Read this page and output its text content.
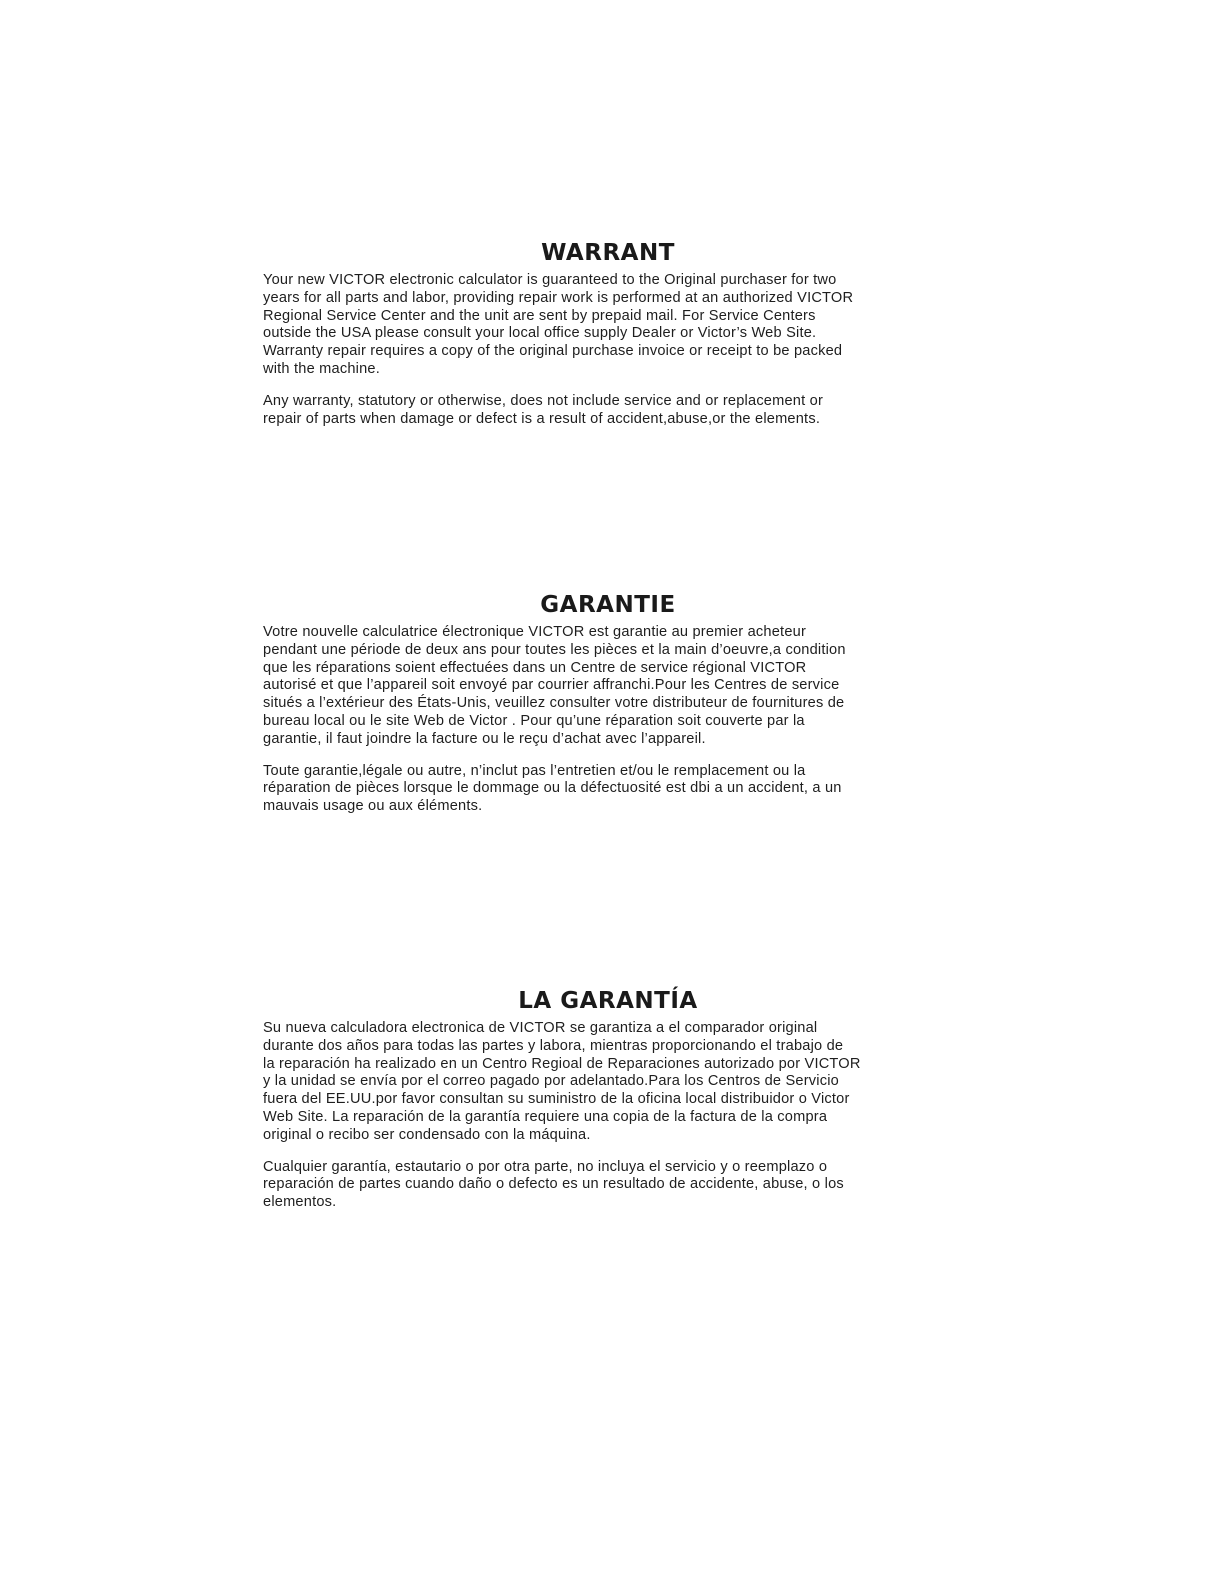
WARRANT

Your new VICTOR electronic calculator is guaranteed to the Original purchaser for two
years for all parts and labor, providing repair work is performed at an authorized VICTOR
Regional Service Center and the unit are sent by prepaid mail. For Service Centers
outside the USA please consult your local office supply Dealer or Victor’s Web Site.
Warranty repair requires a copy of the original purchase invoice or receipt to be packed
with the machine.

Any warranty, statutory or otherwise, does not include service and or replacement or
repair of parts when damage or defect is a result of accident,abuse,or the elements.

GARANTIE

Votre nouvelle calculatrice électronique VICTOR est garantie au premier acheteur
pendant une période de deux ans pour toutes les pièces et la main d’oeuvre,a condition
que les réparations soient effectuées dans un Centre de service régional VICTOR
autorisé et que l’appareil soit envoyé par courrier affranchi.Pour les Centres de service
situés a l’extérieur des États-Unis, veuillez consulter votre distributeur de fournitures de
bureau local ou le site Web de Victor . Pour qu’une réparation soit couverte par la
garantie, il faut joindre la facture ou le reçu d’achat avec l’appareil.

Toute garantie,légale ou autre, n’inclut pas l’entretien et/ou le remplacement ou la
réparation de pièces lorsque le dommage ou la défectuosité est dbi a un accident, a un
mauvais usage ou aux éléments.

LA GARANTÍA

Su nueva calculadora electronica de VICTOR se garantiza a el comparador original
durante dos años para todas las partes y labora, mientras proporcionando el trabajo de
la reparación ha realizado en un Centro Regioal de Reparaciones autorizado por VICTOR
y la unidad se envía por el correo pagado por adelantado.Para los Centros de Servicio
fuera del EE.UU.por favor consultan su suministro de la oficina local distribuidor o Victor
Web Site. La reparación de la garantía requiere una copia de la factura de la compra
original o recibo ser condensado con la máquina.

Cualquier garantía, estautario o por otra parte, no incluya el servicio y o reemplazo o
reparación de partes cuando daño o defecto es un resultado de accidente, abuse, o los
elementos.
